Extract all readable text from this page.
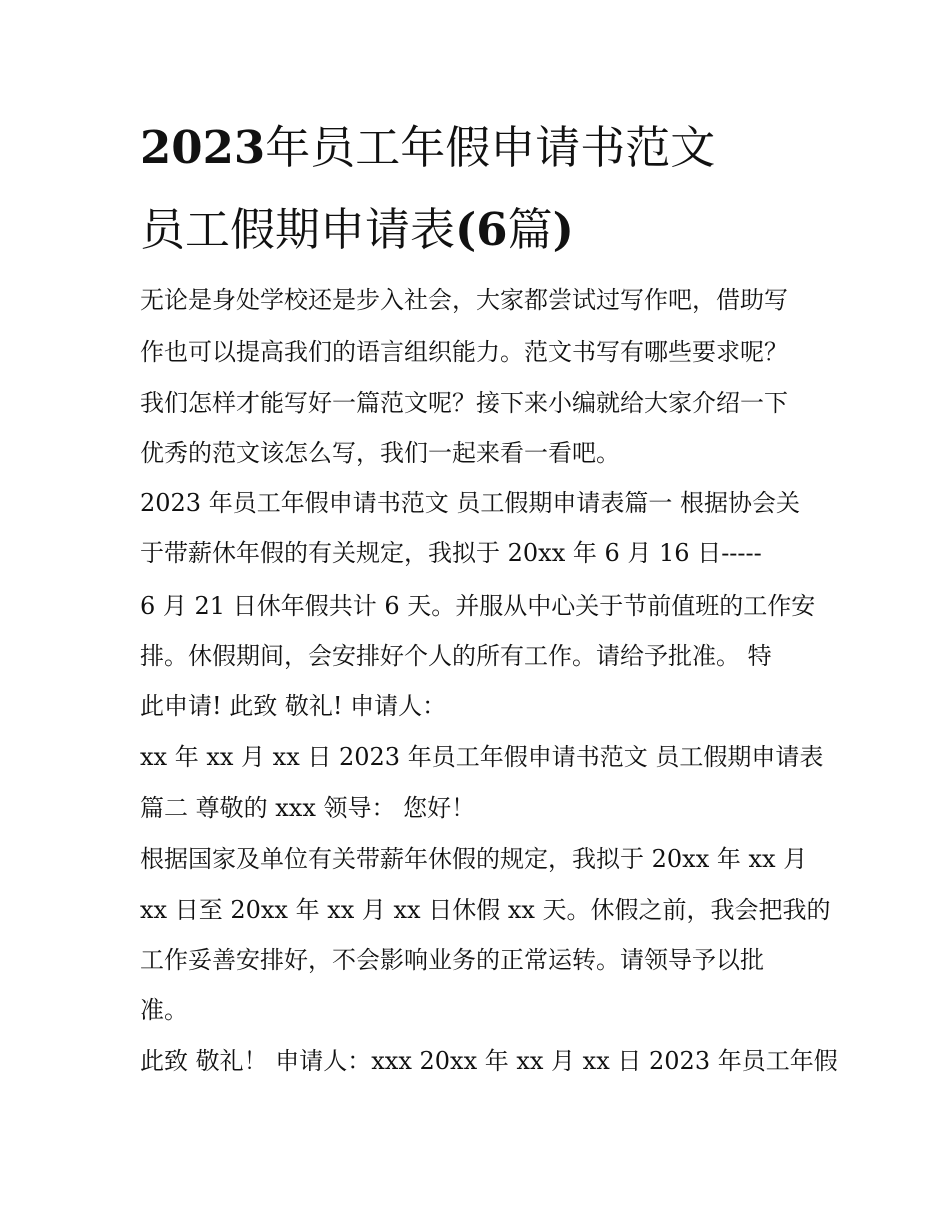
2023年员工年假申请书范文
员工假期申请表(6篇)
无论是身处学校还是步入社会，大家都尝试过写作吧，借助写
作也可以提高我们的语言组织能力。范文书写有哪些要求呢？
我们怎样才能写好一篇范文呢？接下来小编就给大家介绍一下
优秀的范文该怎么写，我们一起来看一看吧。
2023 年员工年假申请书范文 员工假期申请表篇一 根据协会关
于带薪休年假的有关规定，我拟于 20xx 年 6 月 16 日-----
6 月 21 日休年假共计 6 天。并服从中心关于节前值班的工作安
排。休假期间，会安排好个人的所有工作。请给予批准。 特
此申请! 此致 敬礼! 申请人：
xx 年 xx 月 xx 日 2023 年员工年假申请书范文 员工假期申请表
篇二 尊敬的 xxx 领导： 您好！
根据国家及单位有关带薪年休假的规定，我拟于 20xx 年 xx 月
xx 日至 20xx 年 xx 月 xx 日休假 xx 天。休假之前，我会把我的
工作妥善安排好，不会影响业务的正常运转。请领导予以批
准。
此致 敬礼！ 申请人：xxx 20xx 年 xx 月 xx 日 2023 年员工年假
